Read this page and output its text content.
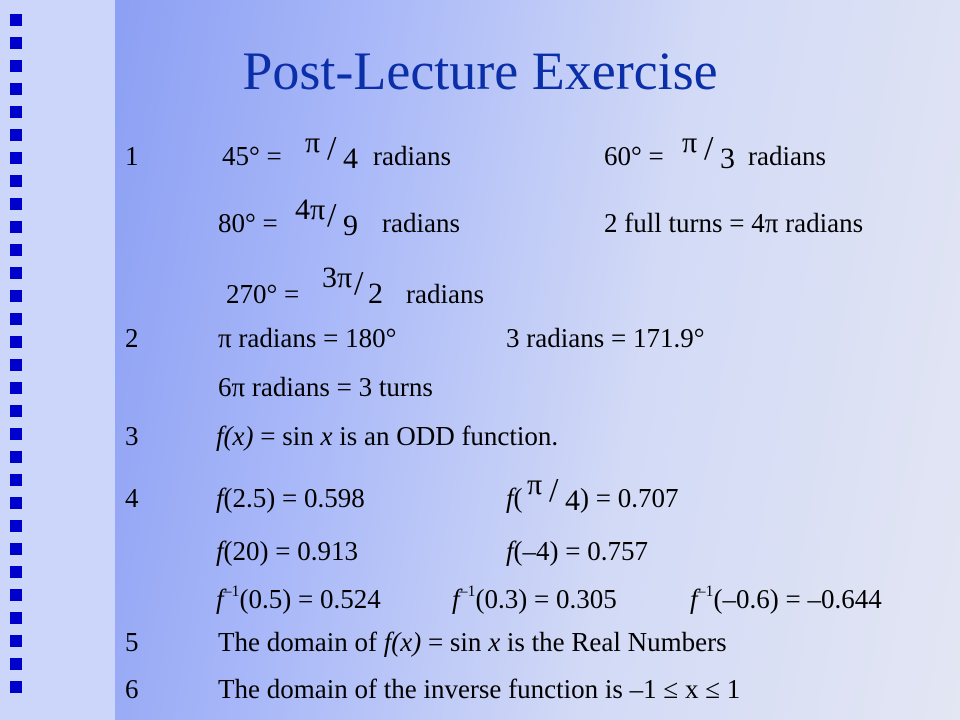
Post-Lecture Exercise
1	45° = π / 4 radians	60° = π / 3 radians
80° = 4π / 9 radians	2 full turns = 4π radians
270° = 3π / 2 radians
2	π radians = 180°	3 radians = 171.9°
6π radians = 3 turns
3	f(x) = sin x is an ODD function.
4	f(2.5) = 0.598	f( π / 4 ) = 0.707
f(20) = 0.913	f(–4) = 0.757
$f^{-1}(0.5) = 0.524$	$f^{-1}(0.3) = 0.305$	$f^{-1}(-0.6) = -0.644$
5	The domain of f(x) = sin x is the Real Numbers
6	The domain of the inverse function is –1 ≤ x ≤ 1
